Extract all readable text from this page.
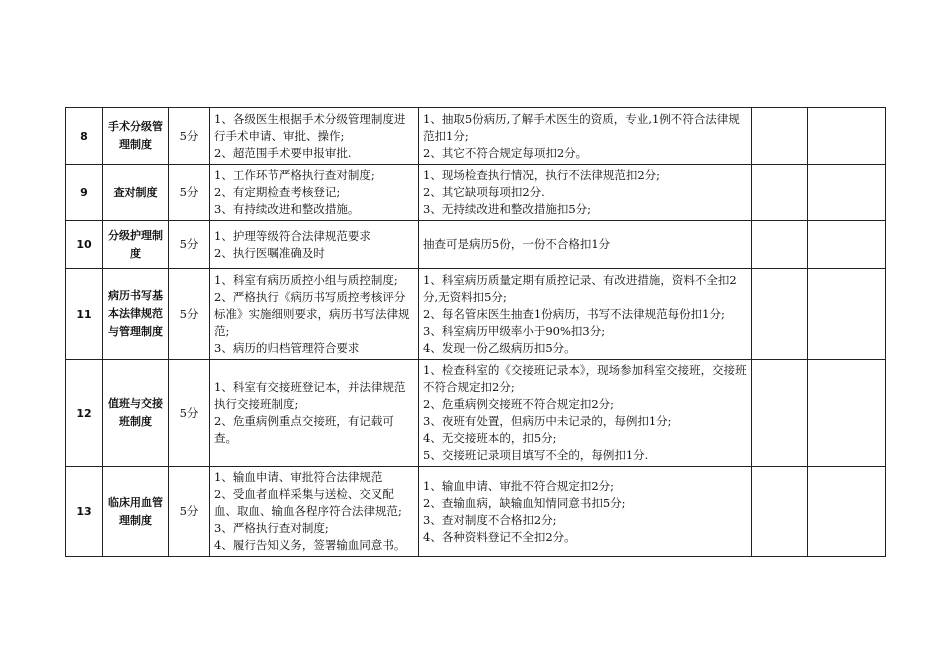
8	手术分级管理制度	5分	1、各级医生根据手术分级管理制度进行手术申请、审批、操作;
2、超范围手术要申报审批.	1、抽取5份病历,了解手术医生的资质，专业,1例不符合法律规范扣1分;
2、其它不符合规定每项扣2分。		

9	查对制度	5分	1、工作环节严格执行查对制度;
2、有定期检查考核登记;
3、有持续改进和整改措施。	1、现场检查执行情况，执行不法律规范扣2分;
2、其它缺项每项扣2分.
3、无持续改进和整改措施扣5分;		

10	分级护理制度	5分	1、护理等级符合法律规范要求
2、执行医嘱准确及时	抽查可是病历5份，一份不合格扣1分		

11	病历书写基本法律规范与管理制度	5分	1、科室有病历质控小组与质控制度;
2、严格执行《病历书写质控考核评分标准》实施细则要求，病历书写法律规范;
3、病历的归档管理符合要求	1、科室病历质量定期有质控记录、有改进措施，资料不全扣2分,无资料扣5分;
2、每名管床医生抽查1份病历，书写不法律规范每份扣1分;
3、科室病历甲级率小于90%扣3分;
4、发现一份乙级病历扣5分。		

12	值班与交接班制度	5分	1、科室有交接班登记本，并法律规范执行交接班制度;
2、危重病例重点交接班，有记载可查。	1、检查科室的《交接班记录本》，现场参加科室交接班，交接班不符合规定扣2分;
2、危重病例交接班不符合规定扣2分;
3、夜班有处置，但病历中未记录的，每例扣1分;
4、无交接班本的，扣5分;
5、交接班记录项目填写不全的，每例扣1分.		

13	临床用血管理制度	5分	1、输血申请、审批符合法律规范
2、受血者血样采集与送检、交叉配血、取血、输血各程序符合法律规范;
3、严格执行查对制度;
4、履行告知义务，签署输血同意书。	1、输血申请、审批不符合规定扣2分;
2、查输血病，缺输血知情同意书扣5分;
3、查对制度不合格扣2分;
4、各种资料登记不全扣2分。		
